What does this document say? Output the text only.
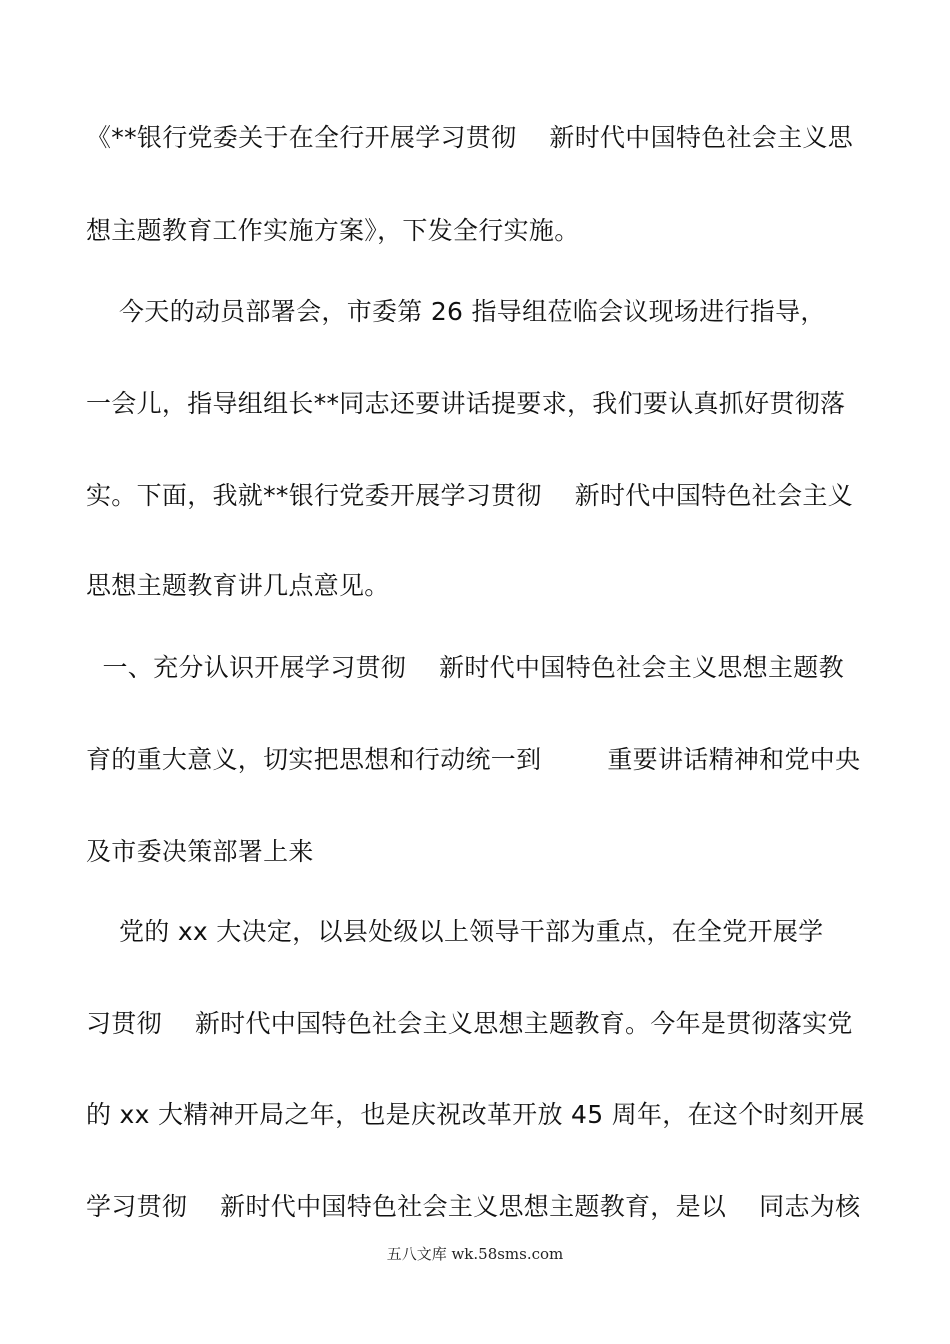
《**银行党委关于在全行开展学习贯彻    新时代中国特色社会主义思
想主题教育工作实施方案》，下发全行实施。
今天的动员部署会，市委第 26 指导组莅临会议现场进行指导，
一会儿，指导组组长**同志还要讲话提要求，我们要认真抓好贯彻落
实。下面，我就**银行党委开展学习贯彻    新时代中国特色社会主义
思想主题教育讲几点意见。
一、充分认识开展学习贯彻    新时代中国特色社会主义思想主题教
育的重大意义，切实把思想和行动统一到        重要讲话精神和党中央
及市委决策部署上来
党的 xx 大决定，以县处级以上领导干部为重点，在全党开展学
习贯彻    新时代中国特色社会主义思想主题教育。今年是贯彻落实党
的 xx 大精神开局之年，也是庆祝改革开放 45 周年，在这个时刻开展
学习贯彻    新时代中国特色社会主义思想主题教育，是以    同志为核
五八文库 wk.58sms.com
